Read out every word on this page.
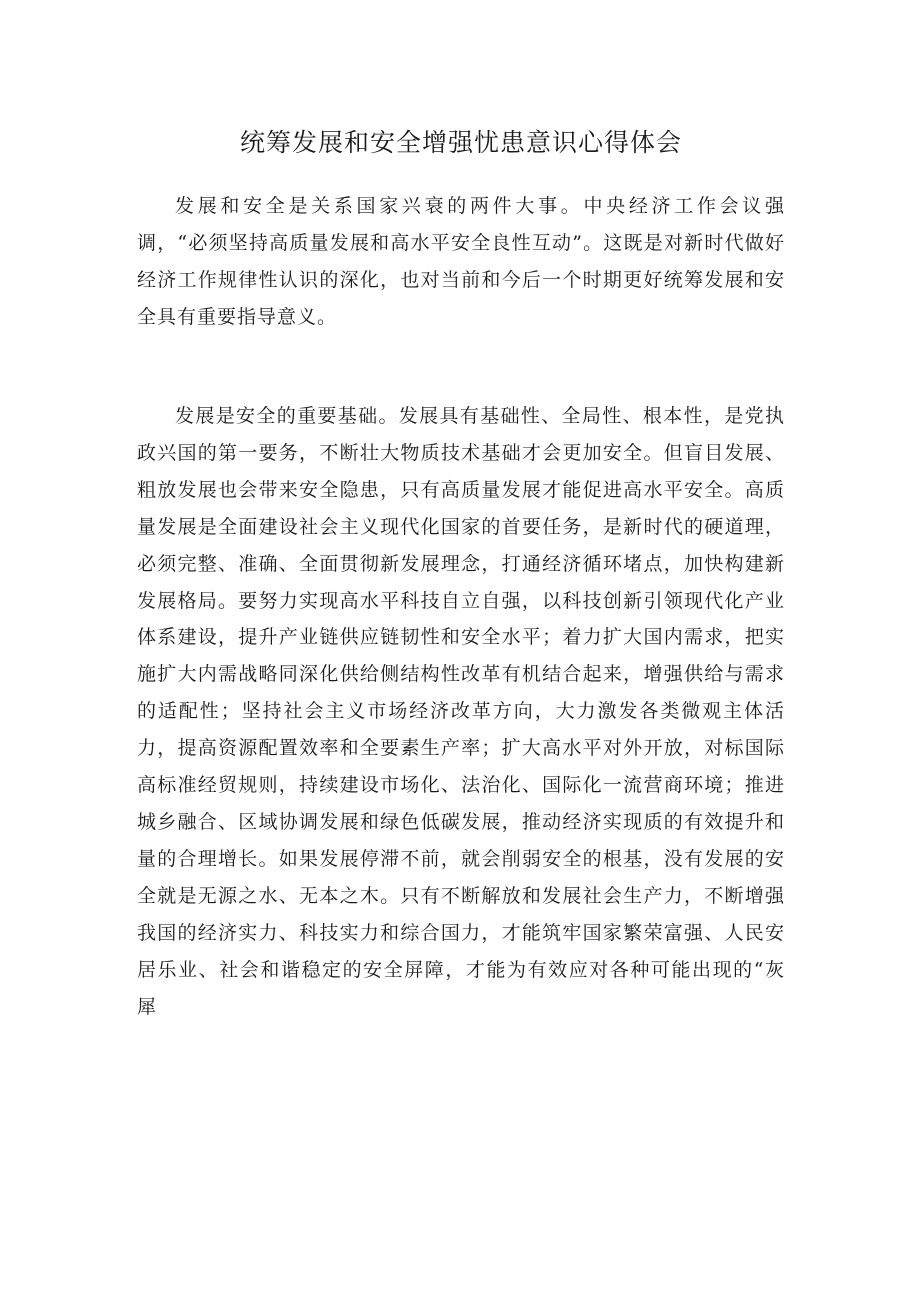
统筹发展和安全增强忧患意识心得体会

发展和安全是关系国家兴衰的两件大事。中央经济工作会议强调，“必须坚持高质量发展和高水平安全良性互动”。这既是对新时代做好经济工作规律性认识的深化，也对当前和今后一个时期更好统筹发展和安全具有重要指导意义。

发展是安全的重要基础。发展具有基础性、全局性、根本性，是党执政兴国的第一要务，不断壮大物质技术基础才会更加安全。但盲目发展、粗放发展也会带来安全隐患，只有高质量发展才能促进高水平安全。高质量发展是全面建设社会主义现代化国家的首要任务，是新时代的硬道理，必须完整、准确、全面贯彻新发展理念，打通经济循环堵点，加快构建新发展格局。要努力实现高水平科技自立自强，以科技创新引领现代化产业体系建设，提升产业链供应链韧性和安全水平；着力扩大国内需求，把实施扩大内需战略同深化供给侧结构性改革有机结合起来，增强供给与需求的适配性；坚持社会主义市场经济改革方向，大力激发各类微观主体活力，提高资源配置效率和全要素生产率；扩大高水平对外开放，对标国际高标准经贸规则，持续建设市场化、法治化、国际化一流营商环境；推进城乡融合、区域协调发展和绿色低碳发展，推动经济实现质的有效提升和量的合理增长。如果发展停滞不前，就会削弱安全的根基，没有发展的安全就是无源之水、无本之木。只有不断解放和发展社会生产力，不断增强我国的经济实力、科技实力和综合国力，才能筑牢国家繁荣富强、人民安居乐业、社会和谐稳定的安全屏障，才能为有效应对各种可能出现的“灰犀
